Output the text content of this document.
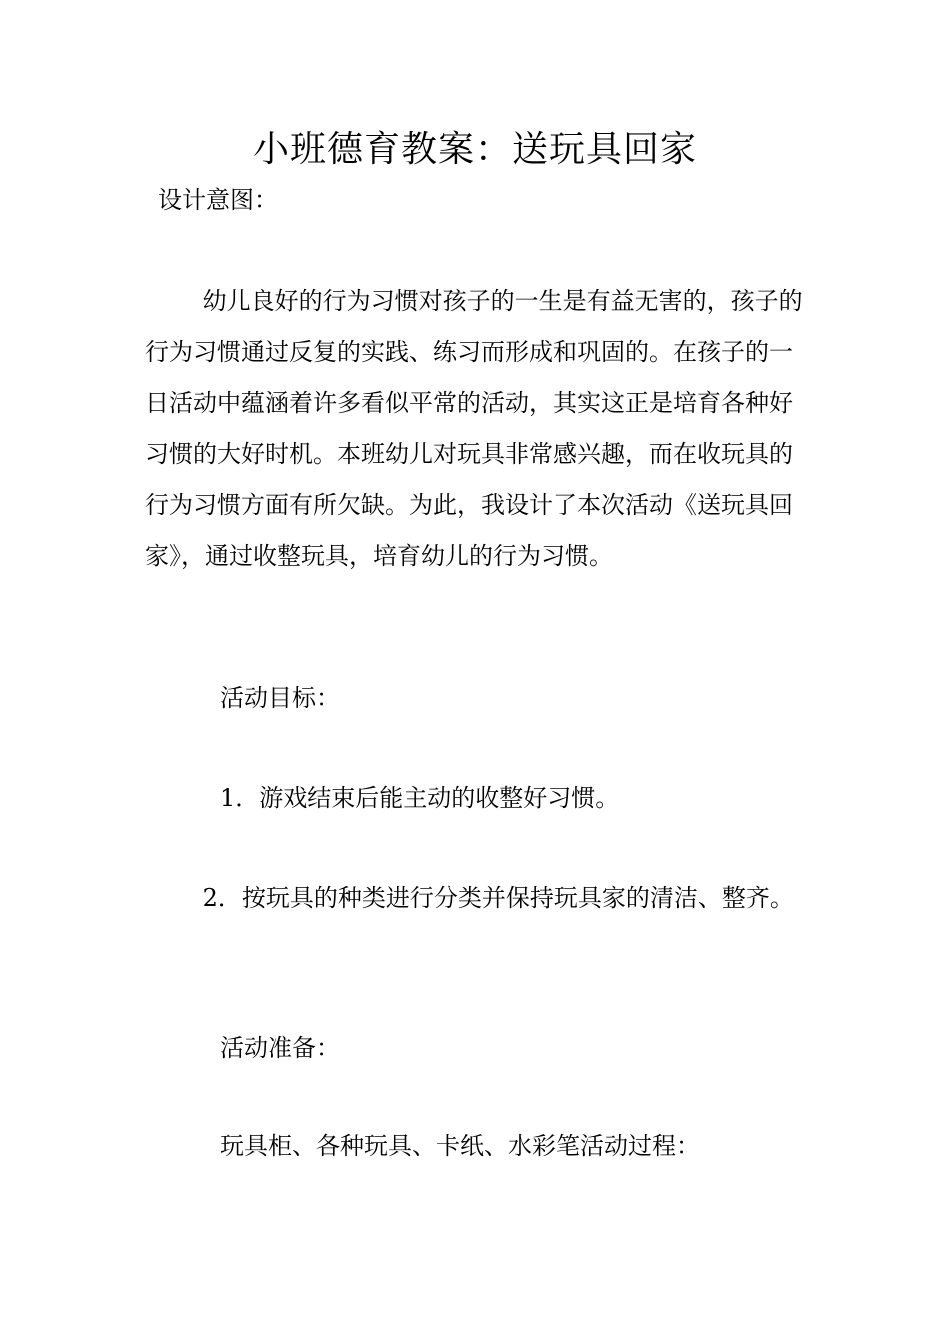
小班德育教案：送玩具回家
设计意图：

幼儿良好的行为习惯对孩子的一生是有益无害的，孩子的行为习惯通过反复的实践、练习而形成和巩固的。在孩子的一日活动中蕴涵着许多看似平常的活动，其实这正是培育各种好习惯的大好时机。本班幼儿对玩具非常感兴趣，而在收玩具的行为习惯方面有所欠缺。为此，我设计了本次活动《送玩具回家》，通过收整玩具，培育幼儿的行为习惯。

活动目标：
1．游戏结束后能主动的收整好习惯。

2．按玩具的种类进行分类并保持玩具家的清洁、整齐。

活动准备：
玩具柜、各种玩具、卡纸、水彩笔活动过程：
